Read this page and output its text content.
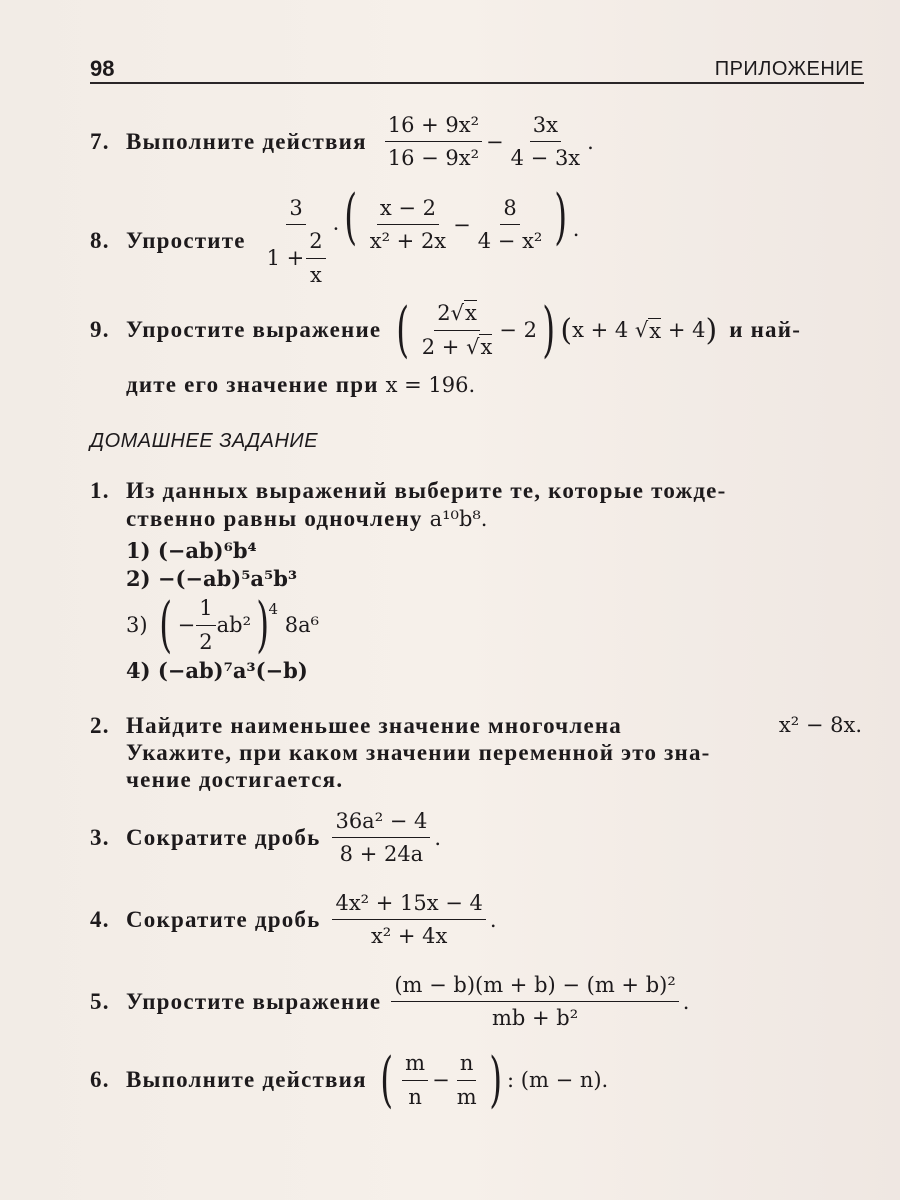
98	ПРИЛОЖЕНИЕ
7. Выполните действия $\frac{\text{16 + 9x²}}{\text{16 − 9x²}} - \frac{3x}{4 - 3x}$ .
8. Упростите $\frac{3}{1 + \frac{2}{x}}$ · ( $\frac{x - 2}{\text{x² + 2x}} - \frac{8}{\text{4 − x²}}$ ) .
9. Упростите выражение ( $\frac{2√x}{2 + √x} - 2$ ) ( x + 4 √ x
+ 4 ) и най-
дите его значение при x = 196.
ДОМАШНЕЕ ЗАДАНИЕ
1. Из данных выражений выберите те, которые тожде-
ственно равны одночлену a¹⁰b⁸.
1) (−ab)⁶b⁴
2) −(−ab)⁵a⁵b³
3)
( − $\frac{1}{2} ab^2$ ) 4

8a⁶
4) (−ab)⁷a³(−b)
2. Найдите наименьшее значение многочлена	x² − 8x.
Укажите, при каком значении переменной это зна-
чение достигается.
3. Сократите дробь $\frac{\text{36a² − 4}}{8 + 24a}$ .
4. Сократите дробь $\frac{\text{4x² + 15x − 4}}{\text{x² + 4x}}$ .
5. Упростите выражение $\frac{\text{(m − b)(m + b) − (m + b)²}}{\text{mb + b²}}$ .
6. Выполните действия ( $\frac{m}{n} - \frac{n}{m}$ ) : (m − n).
